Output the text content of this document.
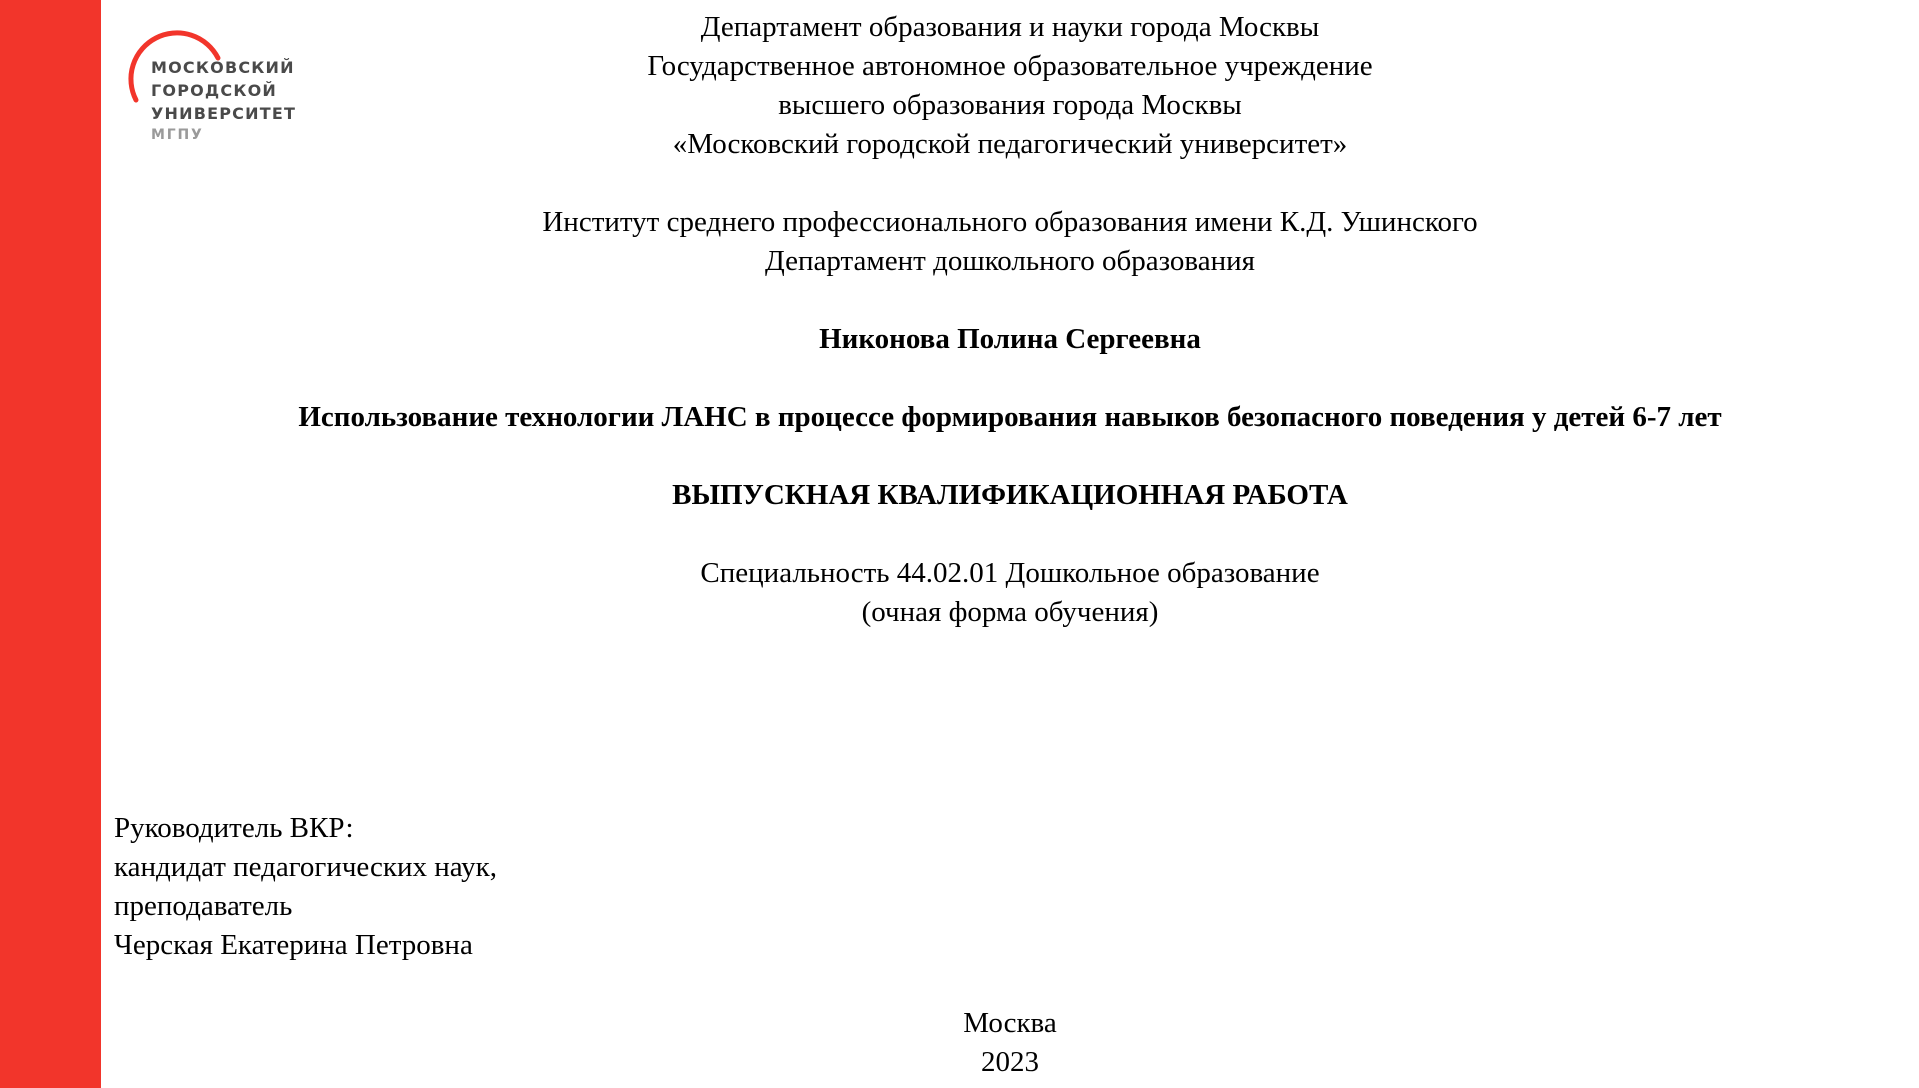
МОСКОВСКИЙ
ГОРОДСКОЙ
УНИВЕРСИТЕТ
МГПУ
Департамент образования и науки города Москвы
Государственное автономное образовательное учреждение
высшего образования города Москвы
«Московский городской педагогический университет»
Институт среднего профессионального образования имени К.Д. Ушинского
Департамент дошкольного образования
Никонова Полина Сергеевна
Использование технологии ЛАНС в процессе формирования навыков безопасного поведения у детей 6-7 лет
ВЫПУСКНАЯ КВАЛИФИКАЦИОННАЯ РАБОТА
Специальность 44.02.01 Дошкольное образование
(очная форма обучения)
Руководитель ВКР:
кандидат педагогических наук,
преподаватель
Черская Екатерина Петровна
Москва
2023
